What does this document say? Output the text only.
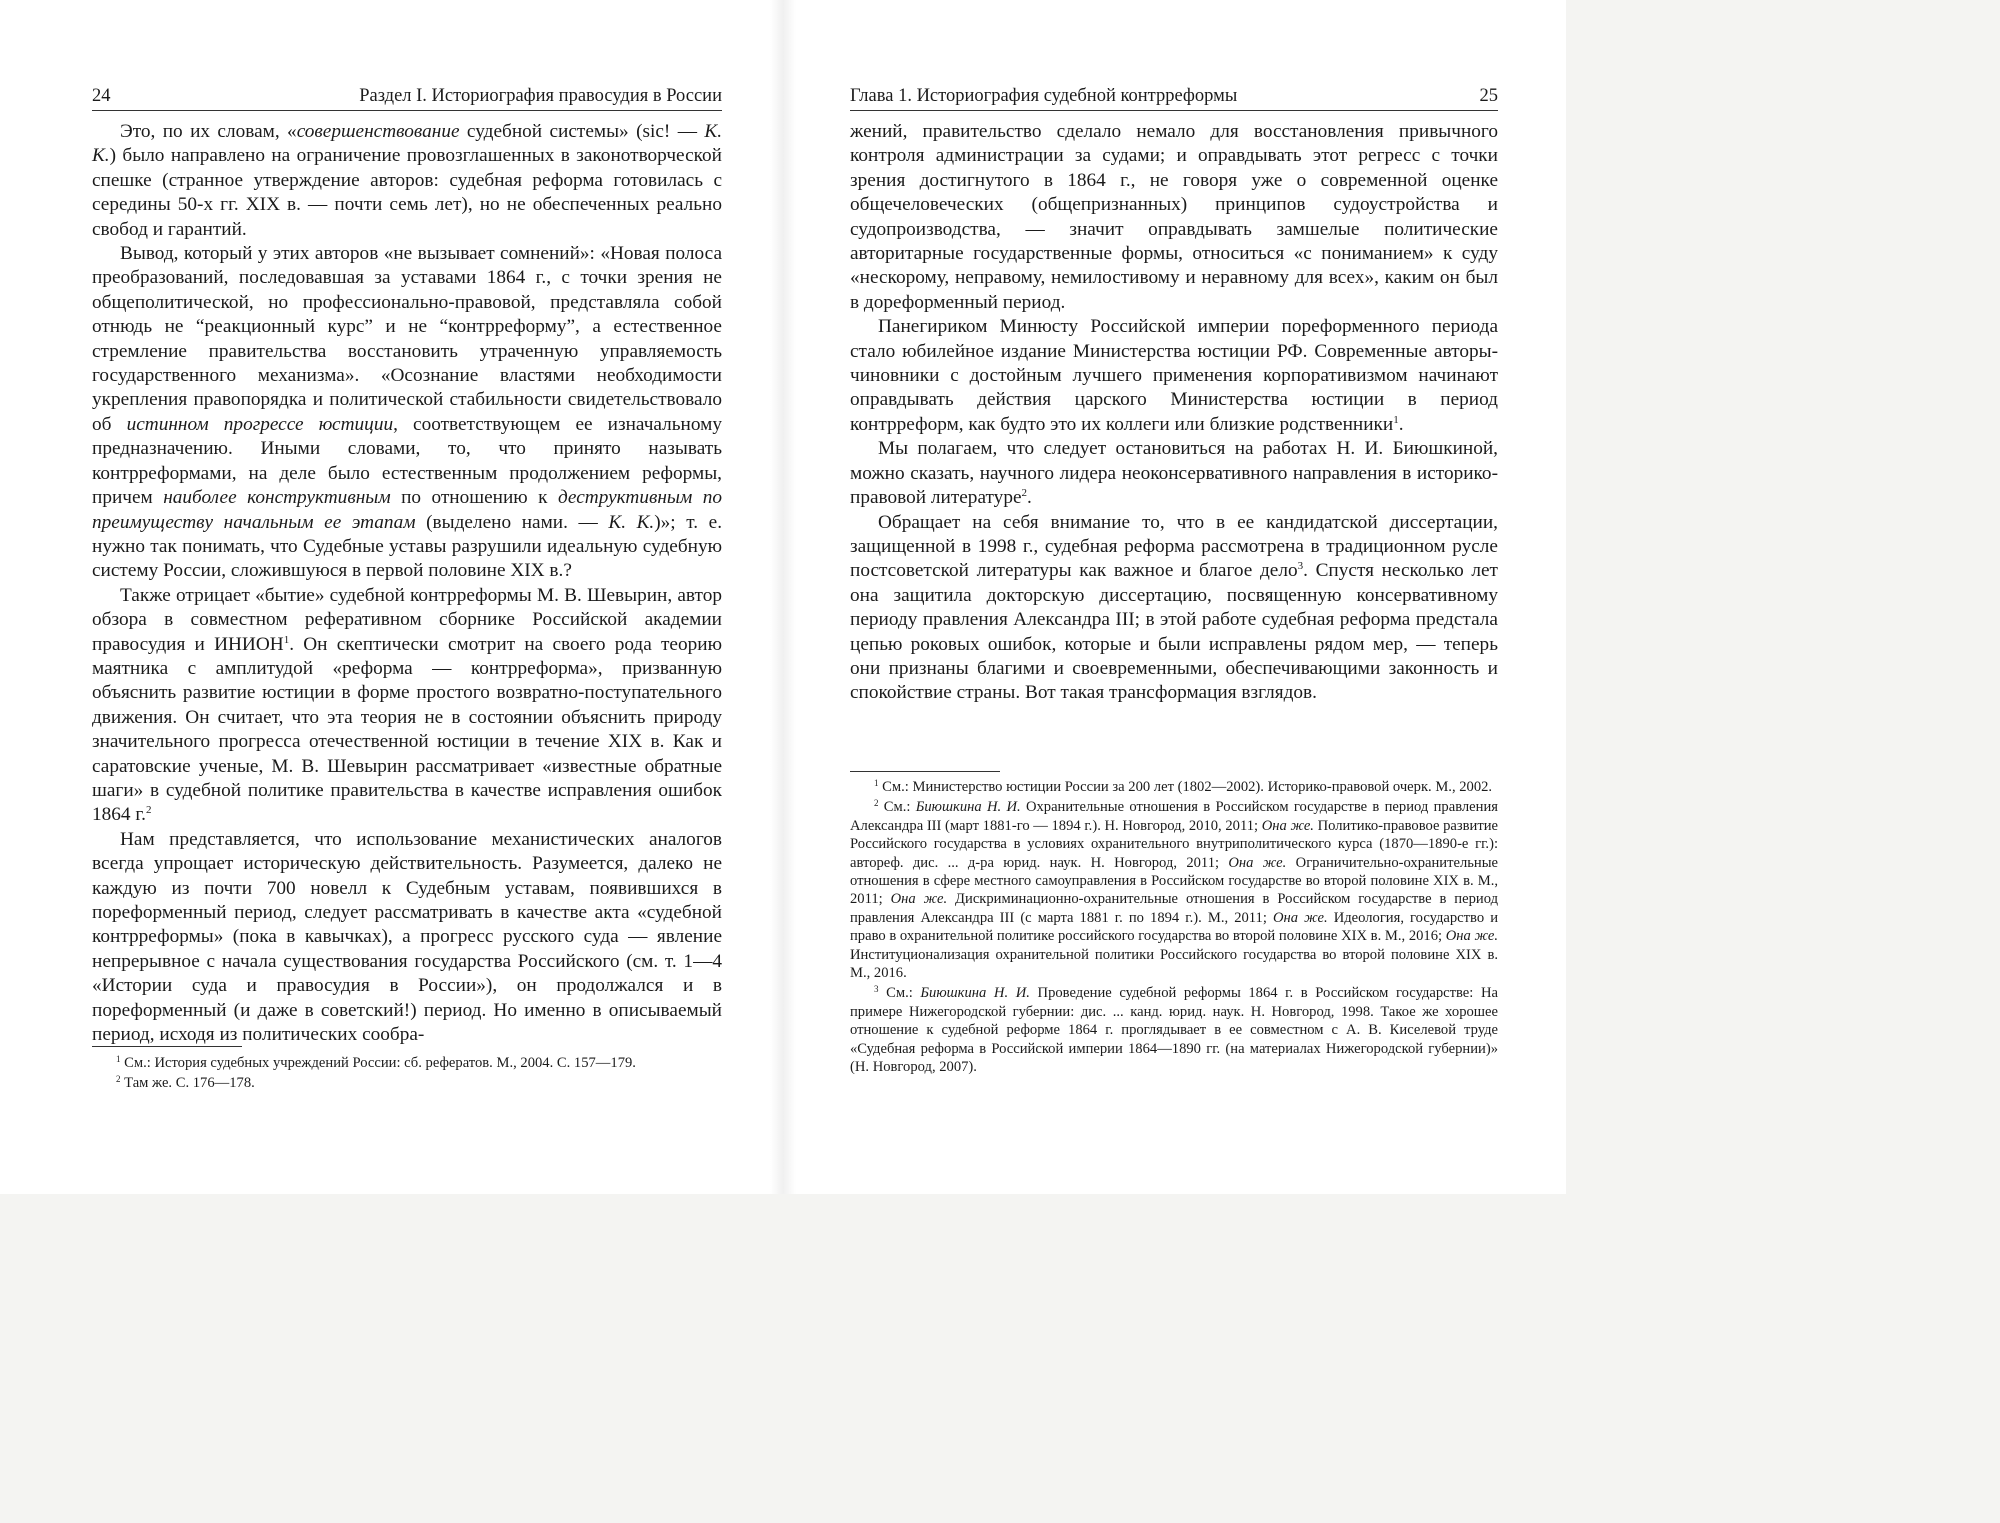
24	Раздел I. Историография правосудия в России

Это, по их словам, «совершенствование судебной системы» (sic! — К. К.) было направлено на ограничение провозглашенных в законотворческой спешке (странное утверждение авторов: судебная реформа готовилась с середины 50-х гг. XIX в. — почти семь лет), но не обеспеченных реально свобод и гарантий.

Вывод, который у этих авторов «не вызывает сомнений»: «Новая полоса преобразований, последовавшая за уставами 1864 г., с точки зрения не общеполитической, но профессионально-правовой, представляла собой отнюдь не “реакционный курс” и не “контрреформу”, а естественное стремление правительства восстановить утраченную управляемость государственного механизма». «Осознание властями необходимости укрепления правопорядка и политической стабильности свидетельствовало об истинном прогрессе юстиции, соответствующем ее изначальному предназначению. Иными словами, то, что принято называть контрреформами, на деле было естественным продолжением реформы, причем наиболее конструктивным по отношению к деструктивным по преимуществу начальным ее этапам (выделено нами. — К. К.)»; т. е. нужно так понимать, что Судебные уставы разрушили идеальную судебную систему России, сложившуюся в первой половине XIX в.?

Также отрицает «бытие» судебной контрреформы М. В. Шевырин, автор обзора в совместном реферативном сборнике Российской академии правосудия и ИНИОН$^1$. Он скептически смотрит на своего рода теорию маятника с амплитудой «реформа — контрреформа», призванную объяснить развитие юстиции в форме простого возвратно-поступательного движения. Он считает, что эта теория не в состоянии объяснить природу значительного прогресса отечественной юстиции в течение XIX в. Как и саратовские ученые, М. В. Шевырин рассматривает «известные обратные шаги» в судебной политике правительства в качестве исправления ошибок 1864 г.$^2$

Нам представляется, что использование механистических аналогов всегда упрощает историческую действительность. Разумеется, далеко не каждую из почти 700 новелл к Судебным уставам, появившихся в пореформенный период, следует рассматривать в качестве акта «судебной контрреформы» (пока в кавычках), а прогресс русского суда — явление непрерывное с начала существования государства Российского (см. т. 1—4 «Истории суда и правосудия в России»), он продолжался и в пореформенный (и даже в советский!) период. Но именно в описываемый период, исходя из политических сообра-

$^1$ См.: История судебных учреждений России: сб. рефератов. М., 2004. С. 157—179.

$^2$ Там же. С. 176—178.

Глава 1. Историография судебной контрреформы	25

жений, правительство сделало немало для восстановления привычного контроля администрации за судами; и оправдывать этот регресс с точки зрения достигнутого в 1864 г., не говоря уже о современной оценке общечеловеческих (общепризнанных) принципов судоустройства и судопроизводства, — значит оправдывать замшелые политические авторитарные государственные формы, относиться «с пониманием» к суду «нескорому, неправому, немилостивому и неравному для всех», каким он был в дореформенный период.

Панегириком Минюсту Российской империи пореформенного периода стало юбилейное издание Министерства юстиции РФ. Современные авторы-чиновники с достойным лучшего применения корпоративизмом начинают оправдывать действия царского Министерства юстиции в период контрреформ, как будто это их коллеги или близкие родственники$^1$.

Мы полагаем, что следует остановиться на работах Н. И. Биюшкиной, можно сказать, научного лидера неоконсервативного направления в историко-правовой литературе$^2$.

Обращает на себя внимание то, что в ее кандидатской диссертации, защищенной в 1998 г., судебная реформа рассмотрена в традиционном русле постсоветской литературы как важное и благое дело$^3$. Спустя несколько лет она защитила докторскую диссертацию, посвященную консервативному периоду правления Александра III; в этой работе судебная реформа предстала цепью роковых ошибок, которые и были исправлены рядом мер, — теперь они признаны благими и своевременными, обеспечивающими законность и спокойствие страны. Вот такая трансформация взглядов.

$^1$ См.: Министерство юстиции России за 200 лет (1802—2002). Историко-правовой очерк. М., 2002.

$^2$ См.: Биюшкина Н. И. Охранительные отношения в Российском государстве в период правления Александра III (март 1881-го — 1894 г.). Н. Новгород, 2010, 2011; Она же. Политико-правовое развитие Российского государства в условиях охранительного внутриполитического курса (1870—1890-е гг.): автореф. дис. ... д-ра юрид. наук. Н. Новгород, 2011; Она же. Ограничительно-охранительные отношения в сфере местного самоуправления в Российском государстве во второй половине XIX в. М., 2011; Она же. Дискриминационно-охранительные отношения в Российском государстве в период правления Александра III (с марта 1881 г. по 1894 г.). М., 2011; Она же. Идеология, государство и право в охранительной политике российского государства во второй половине XIX в. М., 2016; Она же. Институционализация охранительной политики Российского государства во второй половине XIX в. М., 2016.

$^3$ См.: Биюшкина Н. И. Проведение судебной реформы 1864 г. в Российском государстве: На примере Нижегородской губернии: дис. ... канд. юрид. наук. Н. Новгород, 1998. Такое же хорошее отношение к судебной реформе 1864 г. проглядывает в ее совместном с А. В. Киселевой труде «Судебная реформа в Российской империи 1864—1890 гг. (на материалах Нижегородской губернии)» (Н. Новгород, 2007).
